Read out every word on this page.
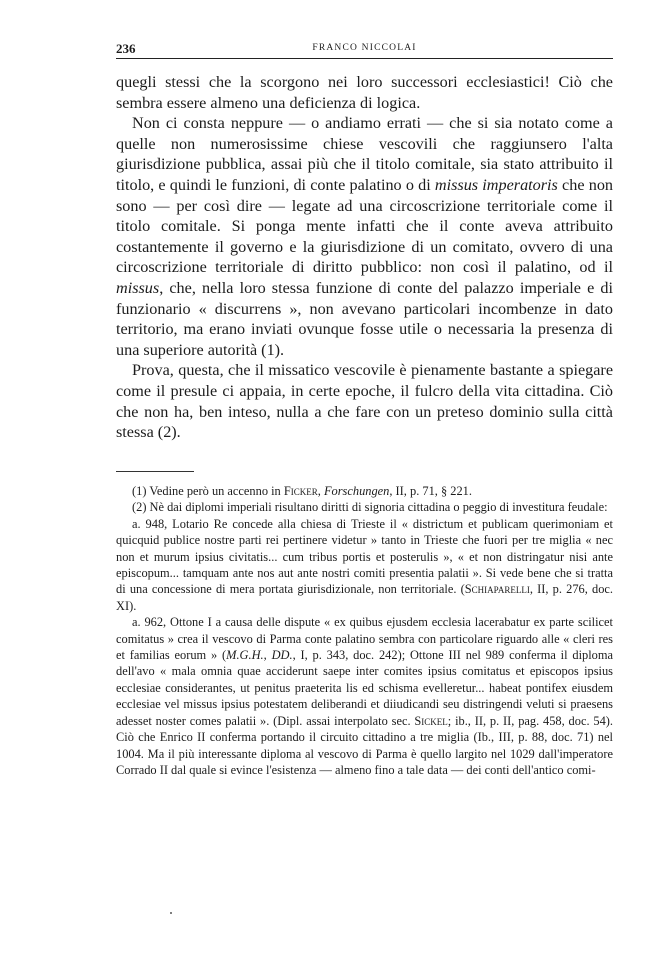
236	FRANCO NICCOLAI

quegli stessi che la scorgono nei loro successori ecclesiastici! Ciò che sembra essere almeno una deficienza di logica.

Non ci consta neppure — o andiamo errati — che si sia notato come a quelle non numerosissime chiese vescovili che raggiunsero l'alta giurisdizione pubblica, assai più che il titolo comitale, sia stato attribuito il titolo, e quindi le funzioni, di conte palatino o di missus imperatoris che non sono — per così dire — legate ad una circoscrizione territoriale come il titolo comitale. Si ponga mente infatti che il conte aveva attribuito costantemente il governo e la giurisdizione di un comitato, ovvero di una circoscrizione territoriale di diritto pubblico: non così il palatino, od il missus, che, nella loro stessa funzione di conte del palazzo imperiale e di funzionario « discurrens », non avevano particolari incombenze in dato territorio, ma erano inviati ovunque fosse utile o necessaria la presenza di una superiore autorità (1).

Prova, questa, che il missatico vescovile è pienamente bastante a spiegare come il presule ci appaia, in certe epoche, il fulcro della vita cittadina. Ciò che non ha, ben inteso, nulla a che fare con un preteso dominio sulla città stessa (2).

(1) Vedine però un accenno in Ficker, Forschungen, II, p. 71, § 221.

(2) Nè dai diplomi imperiali risultano diritti di signoria cittadina o peggio di investitura feudale:

a. 948, Lotario Re concede alla chiesa di Trieste il « districtum et publicam querimoniam et quicquid publice nostre parti rei pertinere videtur » tanto in Trieste che fuori per tre miglia « nec non et murum ipsius civitatis... cum tribus portis et posterulis », « et non distringatur nisi ante episcopum... tamquam ante nos aut ante nostri comiti presentia palatii ». Si vede bene che si tratta di una concessione di mera portata giurisdizionale, non territoriale. (Schiaparelli, II, p. 276, doc. XI).

a. 962, Ottone I a causa delle dispute « ex quibus ejusdem ecclesia lacerabatur ex parte scilicet comitatus » crea il vescovo di Parma conte palatino sembra con particolare riguardo alle « cleri res et familias eorum » (M.G.H., DD., I, p. 343, doc. 242); Ottone III nel 989 conferma il diploma dell'avo « mala omnia quae acciderunt saepe inter comites ipsius comitatus et episcopos ipsius ecclesiae considerantes, ut penitus praeterita lis ed schisma evelleretur... habeat pontifex eiusdem ecclesiae vel missus ipsius potestatem deliberandi et diiudicandi seu distringendi veluti si praesens adesset noster comes palatii ». (Dipl. assai interpolato sec. Sickel; ib., II, p. II, pag. 458, doc. 54). Ciò che Enrico II conferma portando il circuito cittadino a tre miglia (Ib., III, p. 88, doc. 71) nel 1004. Ma il più interessante diploma al vescovo di Parma è quello largito nel 1029 dall'imperatore Corrado II dal quale si evince l'esistenza — almeno fino a tale data — dei conti dell'antico comi-
